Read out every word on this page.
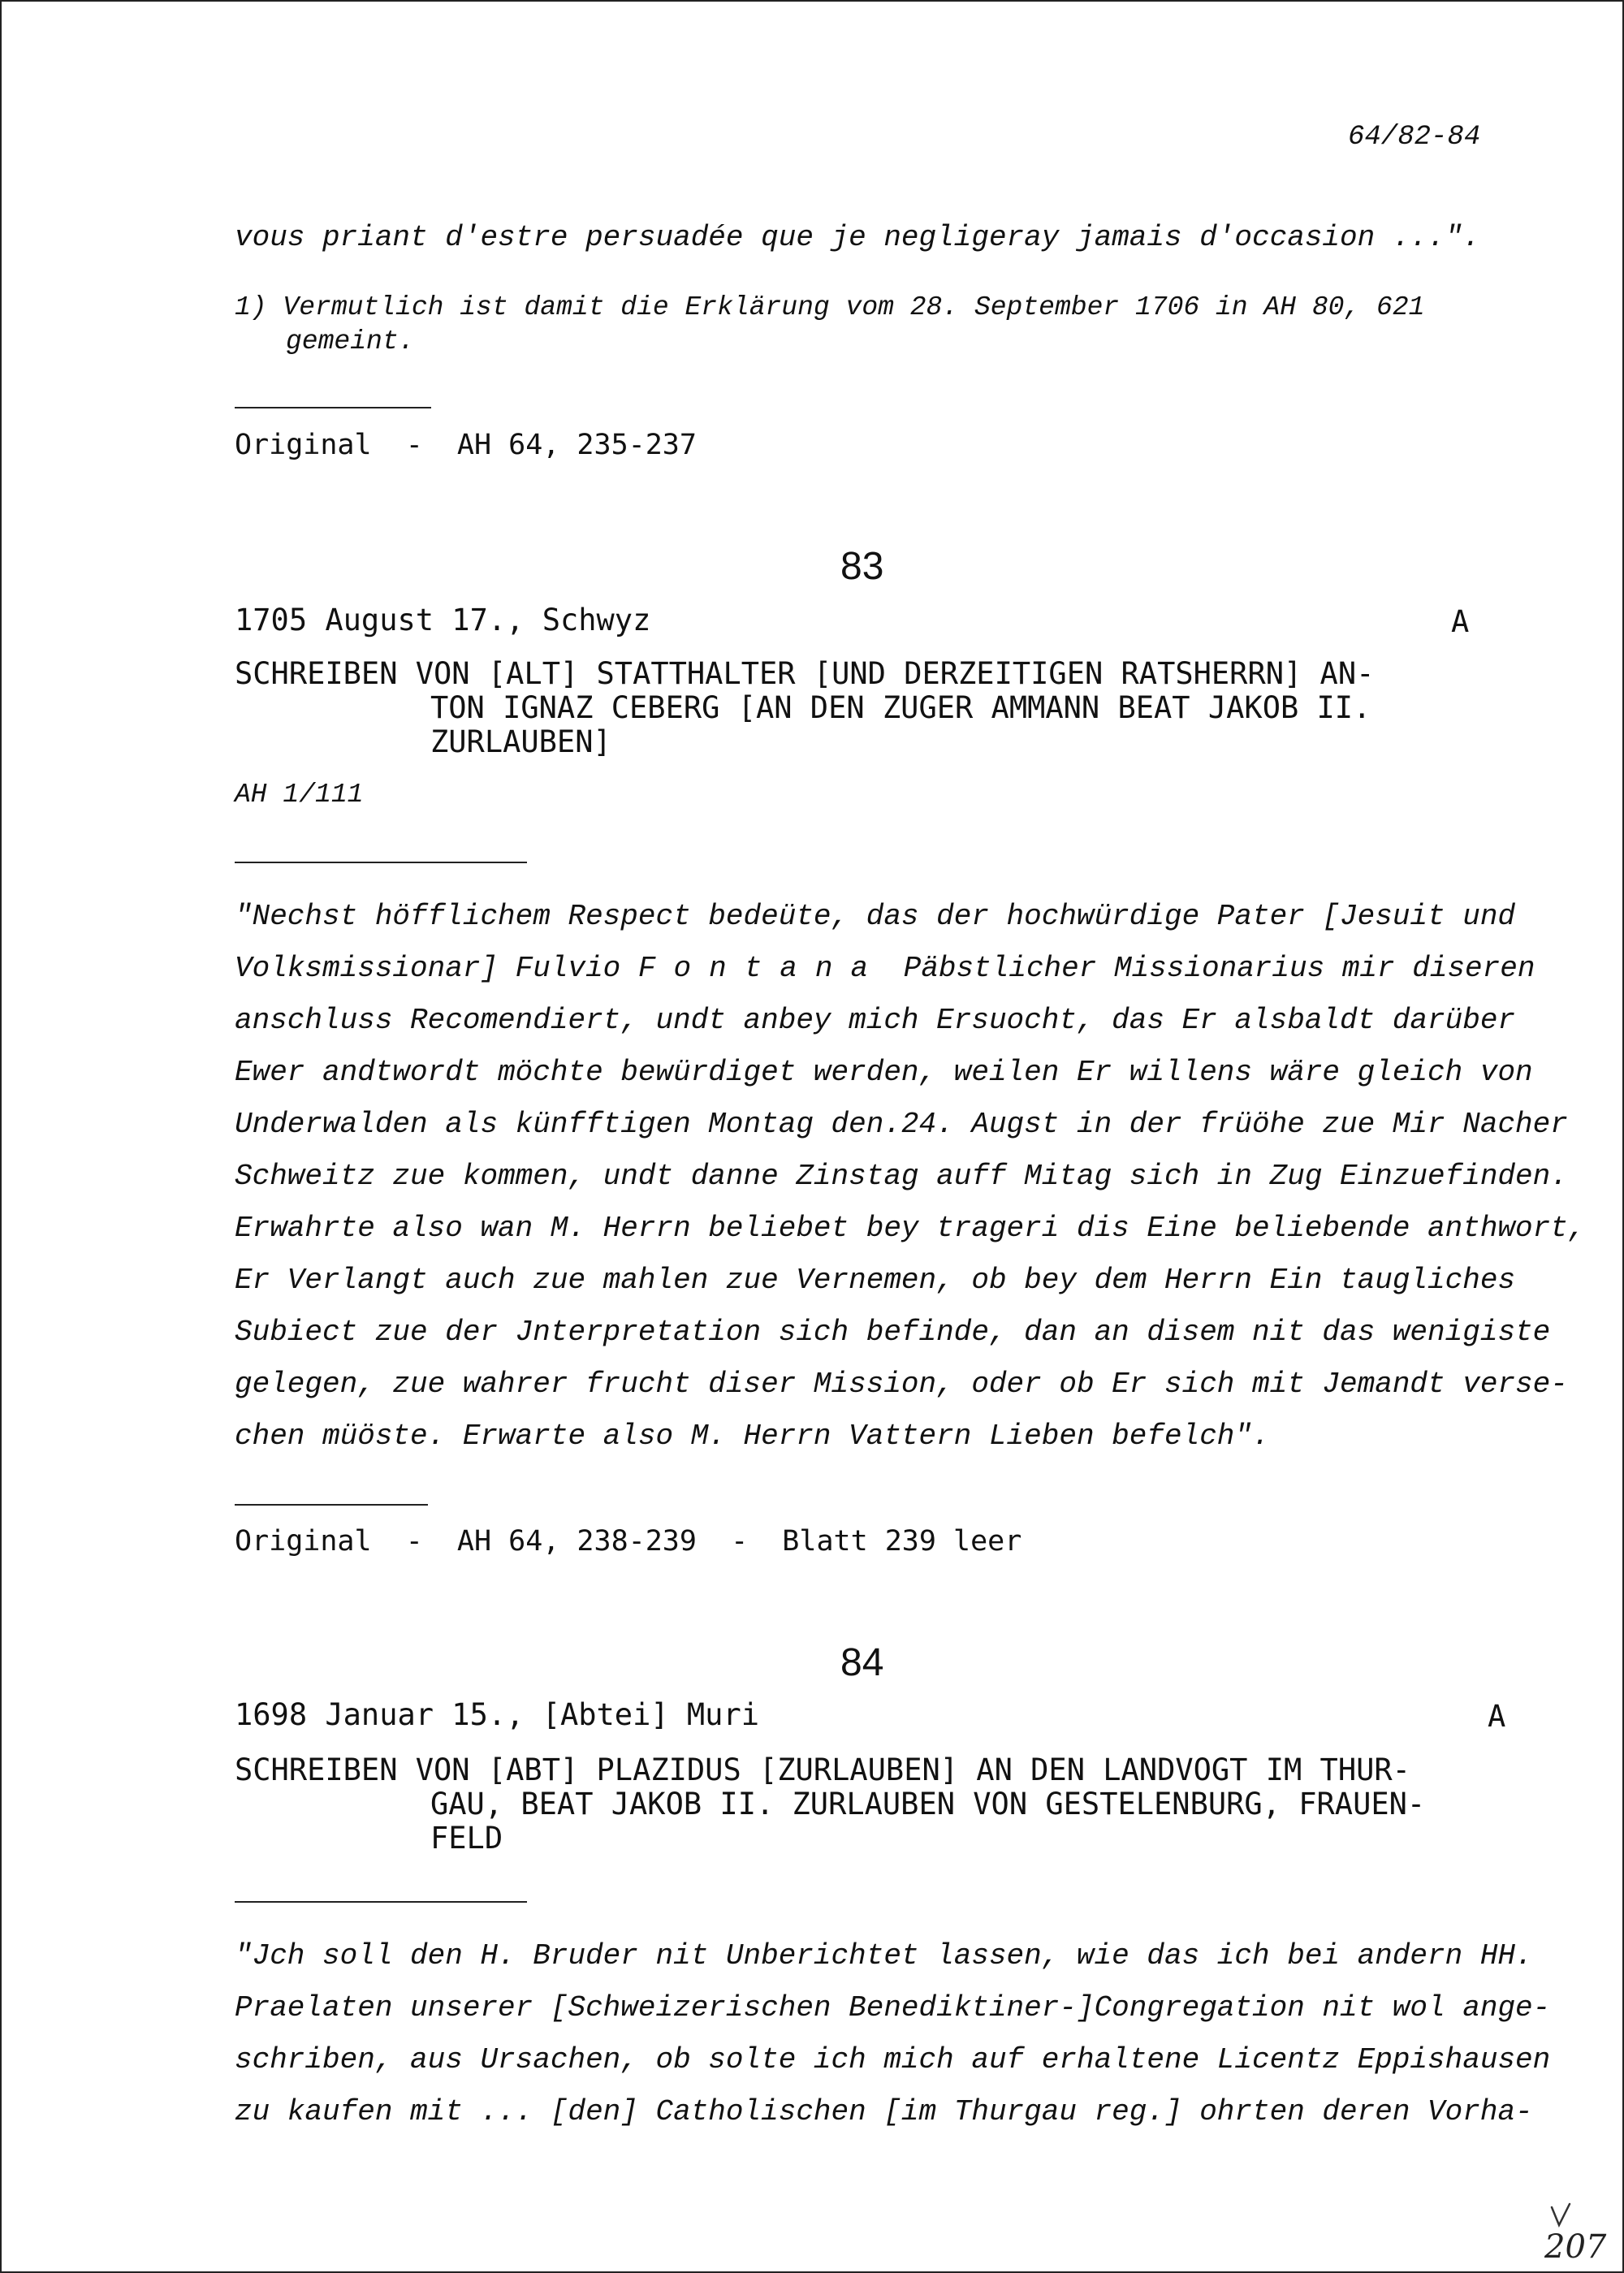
64/82-84
vous priant d'estre persuadée que je negligeray jamais d'occasion ...".
1) Vermutlich ist damit die Erklärung vom 28. September 1706 in AH 80, 621
gemeint.
Original  -  AH 64, 235-237
83
1705 August 17., Schwyz	A
SCHREIBEN VON [ALT] STATTHALTER [UND DERZEITIGEN RATSHERRN] AN-
TON IGNAZ CEBERG [AN DEN ZUGER AMMANN BEAT JAKOB II.
ZURLAUBEN]
AH 1/111
"Nechst höfflichem Respect bedeüte, das der hochwürdige Pater [Jesuit und
Volksmissionar] Fulvio Fontana Päbstlicher Missionarius mir diseren
anschluss Recomendiert, undt anbey mich Ersuocht, das Er alsbaldt darüber
Ewer andtwordt möchte bewürdiget werden, weilen Er willens wäre gleich von
Underwalden als künfftigen Montag den.24. Augst in der früöhe zue Mir Nacher
Schweitz zue kommen, undt danne Zinstag auff Mitag sich in Zug Einzuefinden.
Erwahrte also wan M. Herrn beliebet bey trageri dis Eine beliebende anthwort,
Er Verlangt auch zue mahlen zue Vernemen, ob bey dem Herrn Ein taugliches
Subiect zue der Jnterpretation sich befinde, dan an disem nit das wenigiste
gelegen, zue wahrer frucht diser Mission, oder ob Er sich mit Jemandt verse-
chen müöste. Erwarte also M. Herrn Vattern Lieben befelch".
Original  -  AH 64, 238-239  -  Blatt 239 leer
84
1698 Januar 15., [Abtei] Muri	A
SCHREIBEN VON [ABT] PLAZIDUS [ZURLAUBEN] AN DEN LANDVOGT IM THUR-
GAU, BEAT JAKOB II. ZURLAUBEN VON GESTELENBURG, FRAUEN-
FELD
"Jch soll den H. Bruder nit Unberichtet lassen, wie das ich bei andern HH.
Praelaten unserer [Schweizerischen Benediktiner-]Congregation nit wol ange-
schriben, aus Ursachen, ob solte ich mich auf erhaltene Licentz Eppishausen
zu kaufen mit ... [den] Catholischen [im Thurgau reg.] ohrten deren Vorha-
207
